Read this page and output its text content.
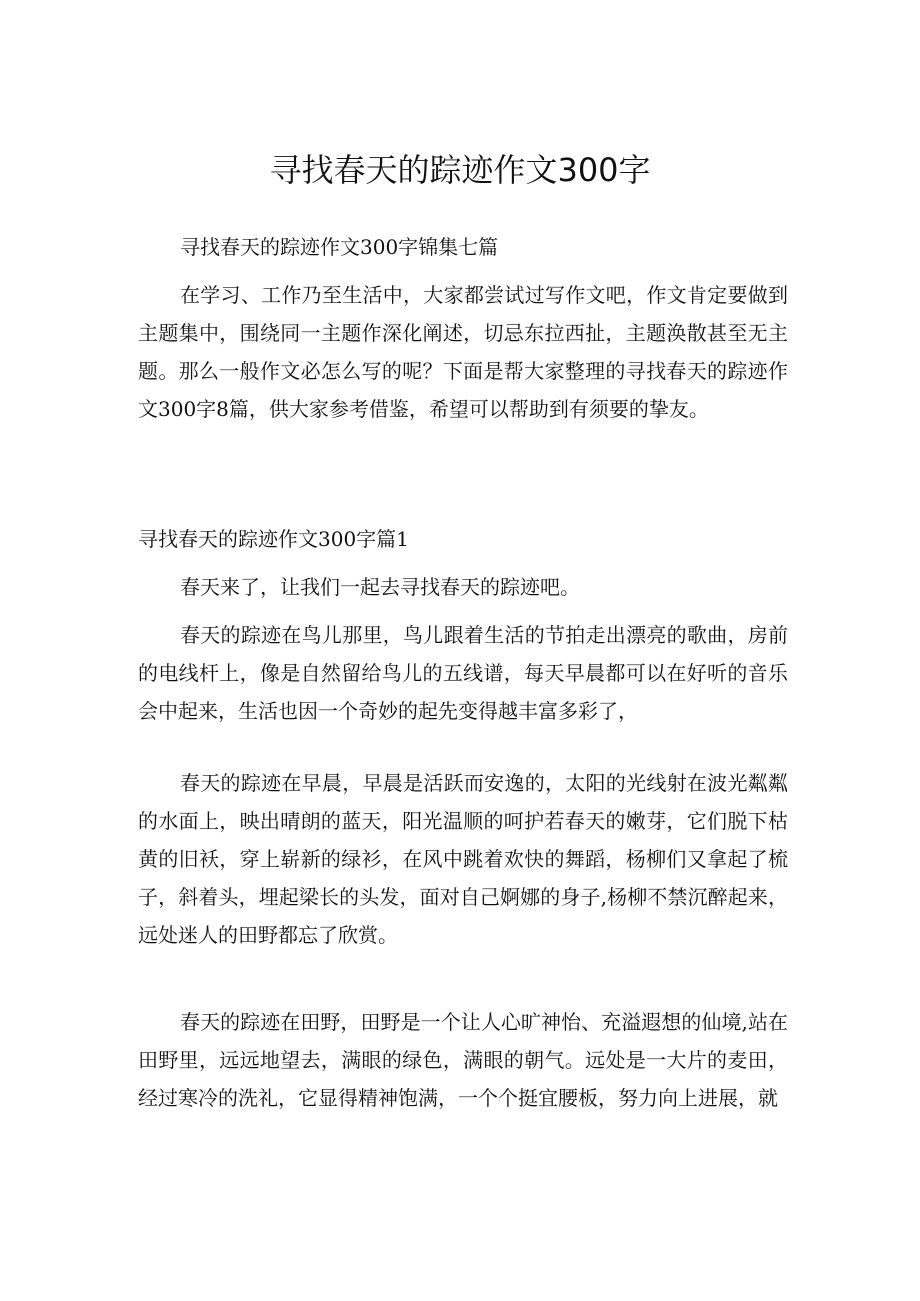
寻找春天的踪迹作文300字

寻找春天的踪迹作文300字锦集七篇

在学习、工作乃至生活中，大家都尝试过写作文吧，作文肯定要做到主题集中，围绕同一主题作深化阐述，切忌东拉西扯，主题涣散甚至无主题。那么一般作文必怎么写的呢？下面是帮大家整理的寻找春天的踪迹作文300字8篇，供大家参考借鉴，希望可以帮助到有须要的挚友。

寻找春天的踪迹作文300字篇1

春天来了，让我们一起去寻找春天的踪迹吧。

春天的踪迹在鸟儿那里，鸟儿跟着生活的节拍走出漂亮的歌曲，房前的电线杆上，像是自然留给鸟儿的五线谱，每天早晨都可以在好听的音乐会中起来，生活也因一个奇妙的起先变得越丰富多彩了，

春天的踪迹在早晨，早晨是活跃而安逸的，太阳的光线射在波光粼粼的水面上，映出晴朗的蓝天，阳光温顺的呵护若春天的嫩芽，它们脱下枯黄的旧袄，穿上崭新的绿衫，在风中跳着欢快的舞蹈，杨柳们又拿起了梳子，斜着头，埋起梁长的头发，面对自己婀娜的身子,杨柳不禁沉醉起来，远处迷人的田野都忘了欣赏。

春天的踪迹在田野，田野是一个让人心旷神怡、充溢遐想的仙境,站在田野里，远远地望去，满眼的绿色，满眼的朝气。远处是一大片的麦田，经过寒冷的洗礼，它显得精神饱满，一个个挺宜腰板，努力向上进展，就
